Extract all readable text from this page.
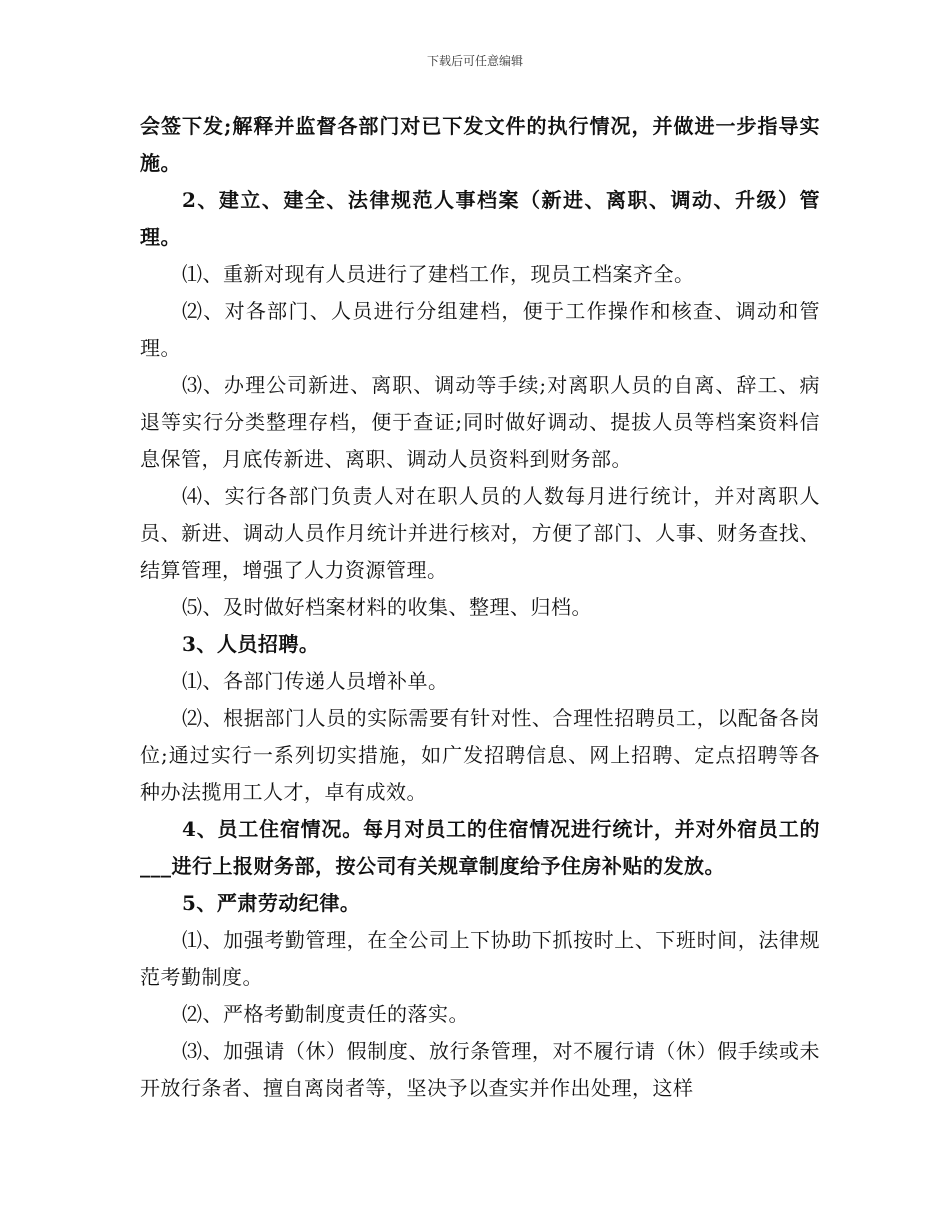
下载后可任意编辑

会签下发;解释并监督各部门对已下发文件的执行情况，并做进一步指导实施。

2、建立、建全、法律规范人事档案（新进、离职、调动、升级）管理。

⑴、重新对现有人员进行了建档工作，现员工档案齐全。

⑵、对各部门、人员进行分组建档，便于工作操作和核查、调动和管理。

⑶、办理公司新进、离职、调动等手续;对离职人员的自离、辞工、病退等实行分类整理存档，便于查证;同时做好调动、提拔人员等档案资料信息保管，月底传新进、离职、调动人员资料到财务部。

⑷、实行各部门负责人对在职人员的人数每月进行统计，并对离职人员、新进、调动人员作月统计并进行核对，方便了部门、人事、财务查找、结算管理，增强了人力资源管理。

⑸、及时做好档案材料的收集、整理、归档。

3、人员招聘。

⑴、各部门传递人员增补单。

⑵、根据部门人员的实际需要有针对性、合理性招聘员工，以配备各岗位;通过实行一系列切实措施，如广发招聘信息、网上招聘、定点招聘等各种办法揽用工人才，卓有成效。

4、员工住宿情况。每月对员工的住宿情况进行统计，并对外宿员工的___进行上报财务部，按公司有关规章制度给予住房补贴的发放。

5、严肃劳动纪律。

⑴、加强考勤管理，在全公司上下协助下抓按时上、下班时间，法律规范考勤制度。

⑵、严格考勤制度责任的落实。

⑶、加强请（休）假制度、放行条管理，对不履行请（休）假手续或未开放行条者、擅自离岗者等，坚决予以查实并作出处理，这样
